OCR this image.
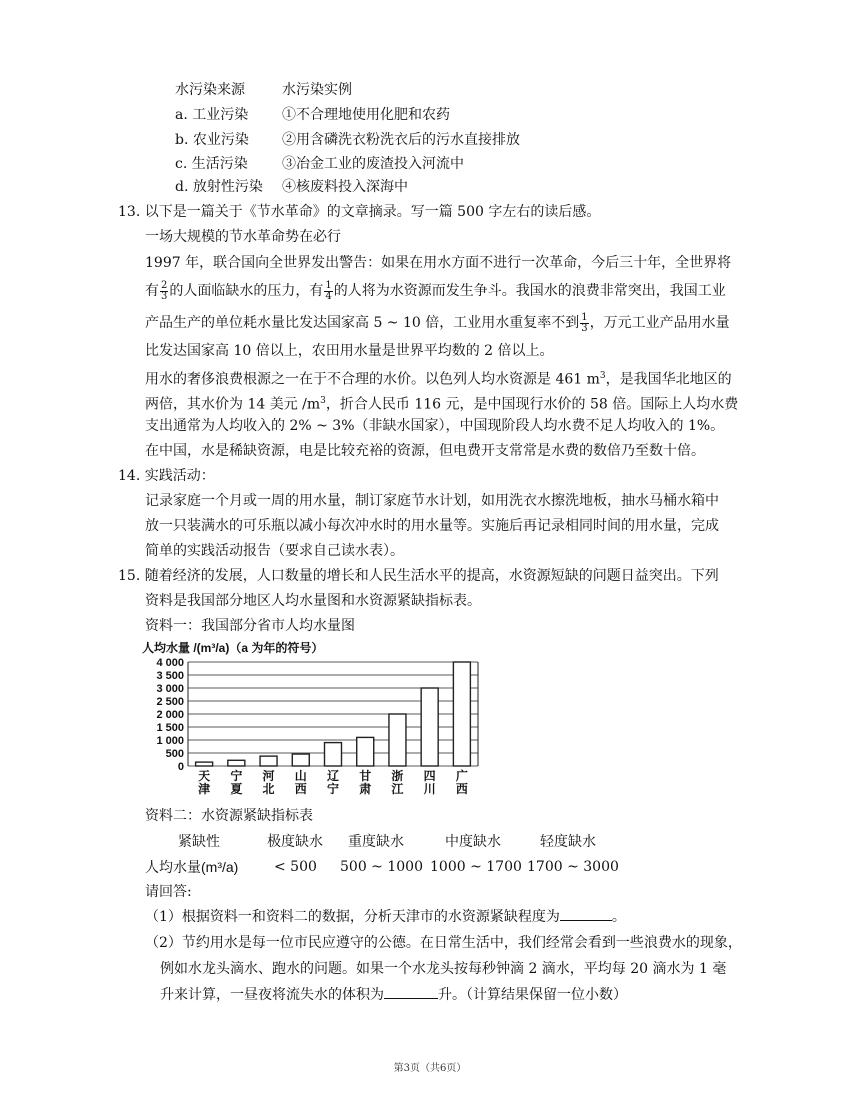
水污染来源	水污染实例
a. 工业污染 ①不合理地使用化肥和农药
b. 农业污染 ②用含磷洗衣粉洗衣后的污水直接排放
c. 生活污染 ③冶金工业的废渣投入河流中
d. 放射性污染 ④核废料投入深海中
13. 以下是一篇关于《节水革命》的文章摘录。写一篇 500 字左右的读后感。
一场大规模的节水革命势在必行
1997 年，联合国向全世界发出警告：如果在用水方面不进行一次革命，今后三十年，全世界将
有 $\frac{2}{3}$ 的人面临缺水的压力，有 $\frac{1}{4}$ 的人将为水资源而发生争斗。我国水的浪费非常突出，我国工业
产品生产的单位耗水量比发达国家高 5 ~ 10 倍，工业用水重复率不到 $\frac{1}{3}$ ，万元工业产品用水量
比发达国家高 10 倍以上，农田用水量是世界平均数的 2 倍以上。
用水的奢侈浪费根源之一在于不合理的水价。以色列人均水资源是 461 $m^3$，是我国华北地区的
两倍，其水价为 14 美元 $/m^3$，折合人民币 116 元，是中国现行水价的 58 倍。国际上人均水费
支出通常为人均收入的 2% ~ 3%（非缺水国家），中国现阶段人均水费不足人均收入的 1%。
在中国，水是稀缺资源，电是比较充裕的资源，但电费开支常常是水费的数倍乃至数十倍。
14. 实践活动：
记录家庭一个月或一周的用水量，制订家庭节水计划，如用洗衣水擦洗地板，抽水马桶水箱中
放一只装满水的可乐瓶以减小每次冲水时的用水量等。实施后再记录相同时间的用水量，完成
简单的实践活动报告（要求自己读水表）。
15. 随着经济的发展，人口数量的增长和人民生活水平的提高，水资源短缺的问题日益突出。下列
资料是我国部分地区人均水量图和水资源紧缺指标表。
资料一：我国部分省市人均水量图
人均水量 /(m³/a)（a 为年的符号）
4 000
3 500
3 000
2 500
2 000
1 500
1 000
500
0
天
津
宁
夏
河
北
山
西
辽
宁
甘
肃
浙
江
四
川
广
西
资料二：水资源紧缺指标表
紧缺性	极度缺水 重度缺水	中度缺水	轻度缺水
人均水量(m³/a)	< 500 500 ~ 1000 1000 ~ 1700 1700 ~ 3000
请回答:
（1）根据资料一和资料二的数据，分析天津市的水资源紧缺程度为	。
（2）节约用水是每一位市民应遵守的公德。在日常生活中，我们经常会看到一些浪费水的现象，
例如水龙头滴水、跑水的问题。如果一个水龙头按每秒钟滴 2 滴水，平均每 20 滴水为 1 毫
升来计算，一昼夜将流失水的体积为	升。（计算结果保留一位小数）
第3页（共6页）
